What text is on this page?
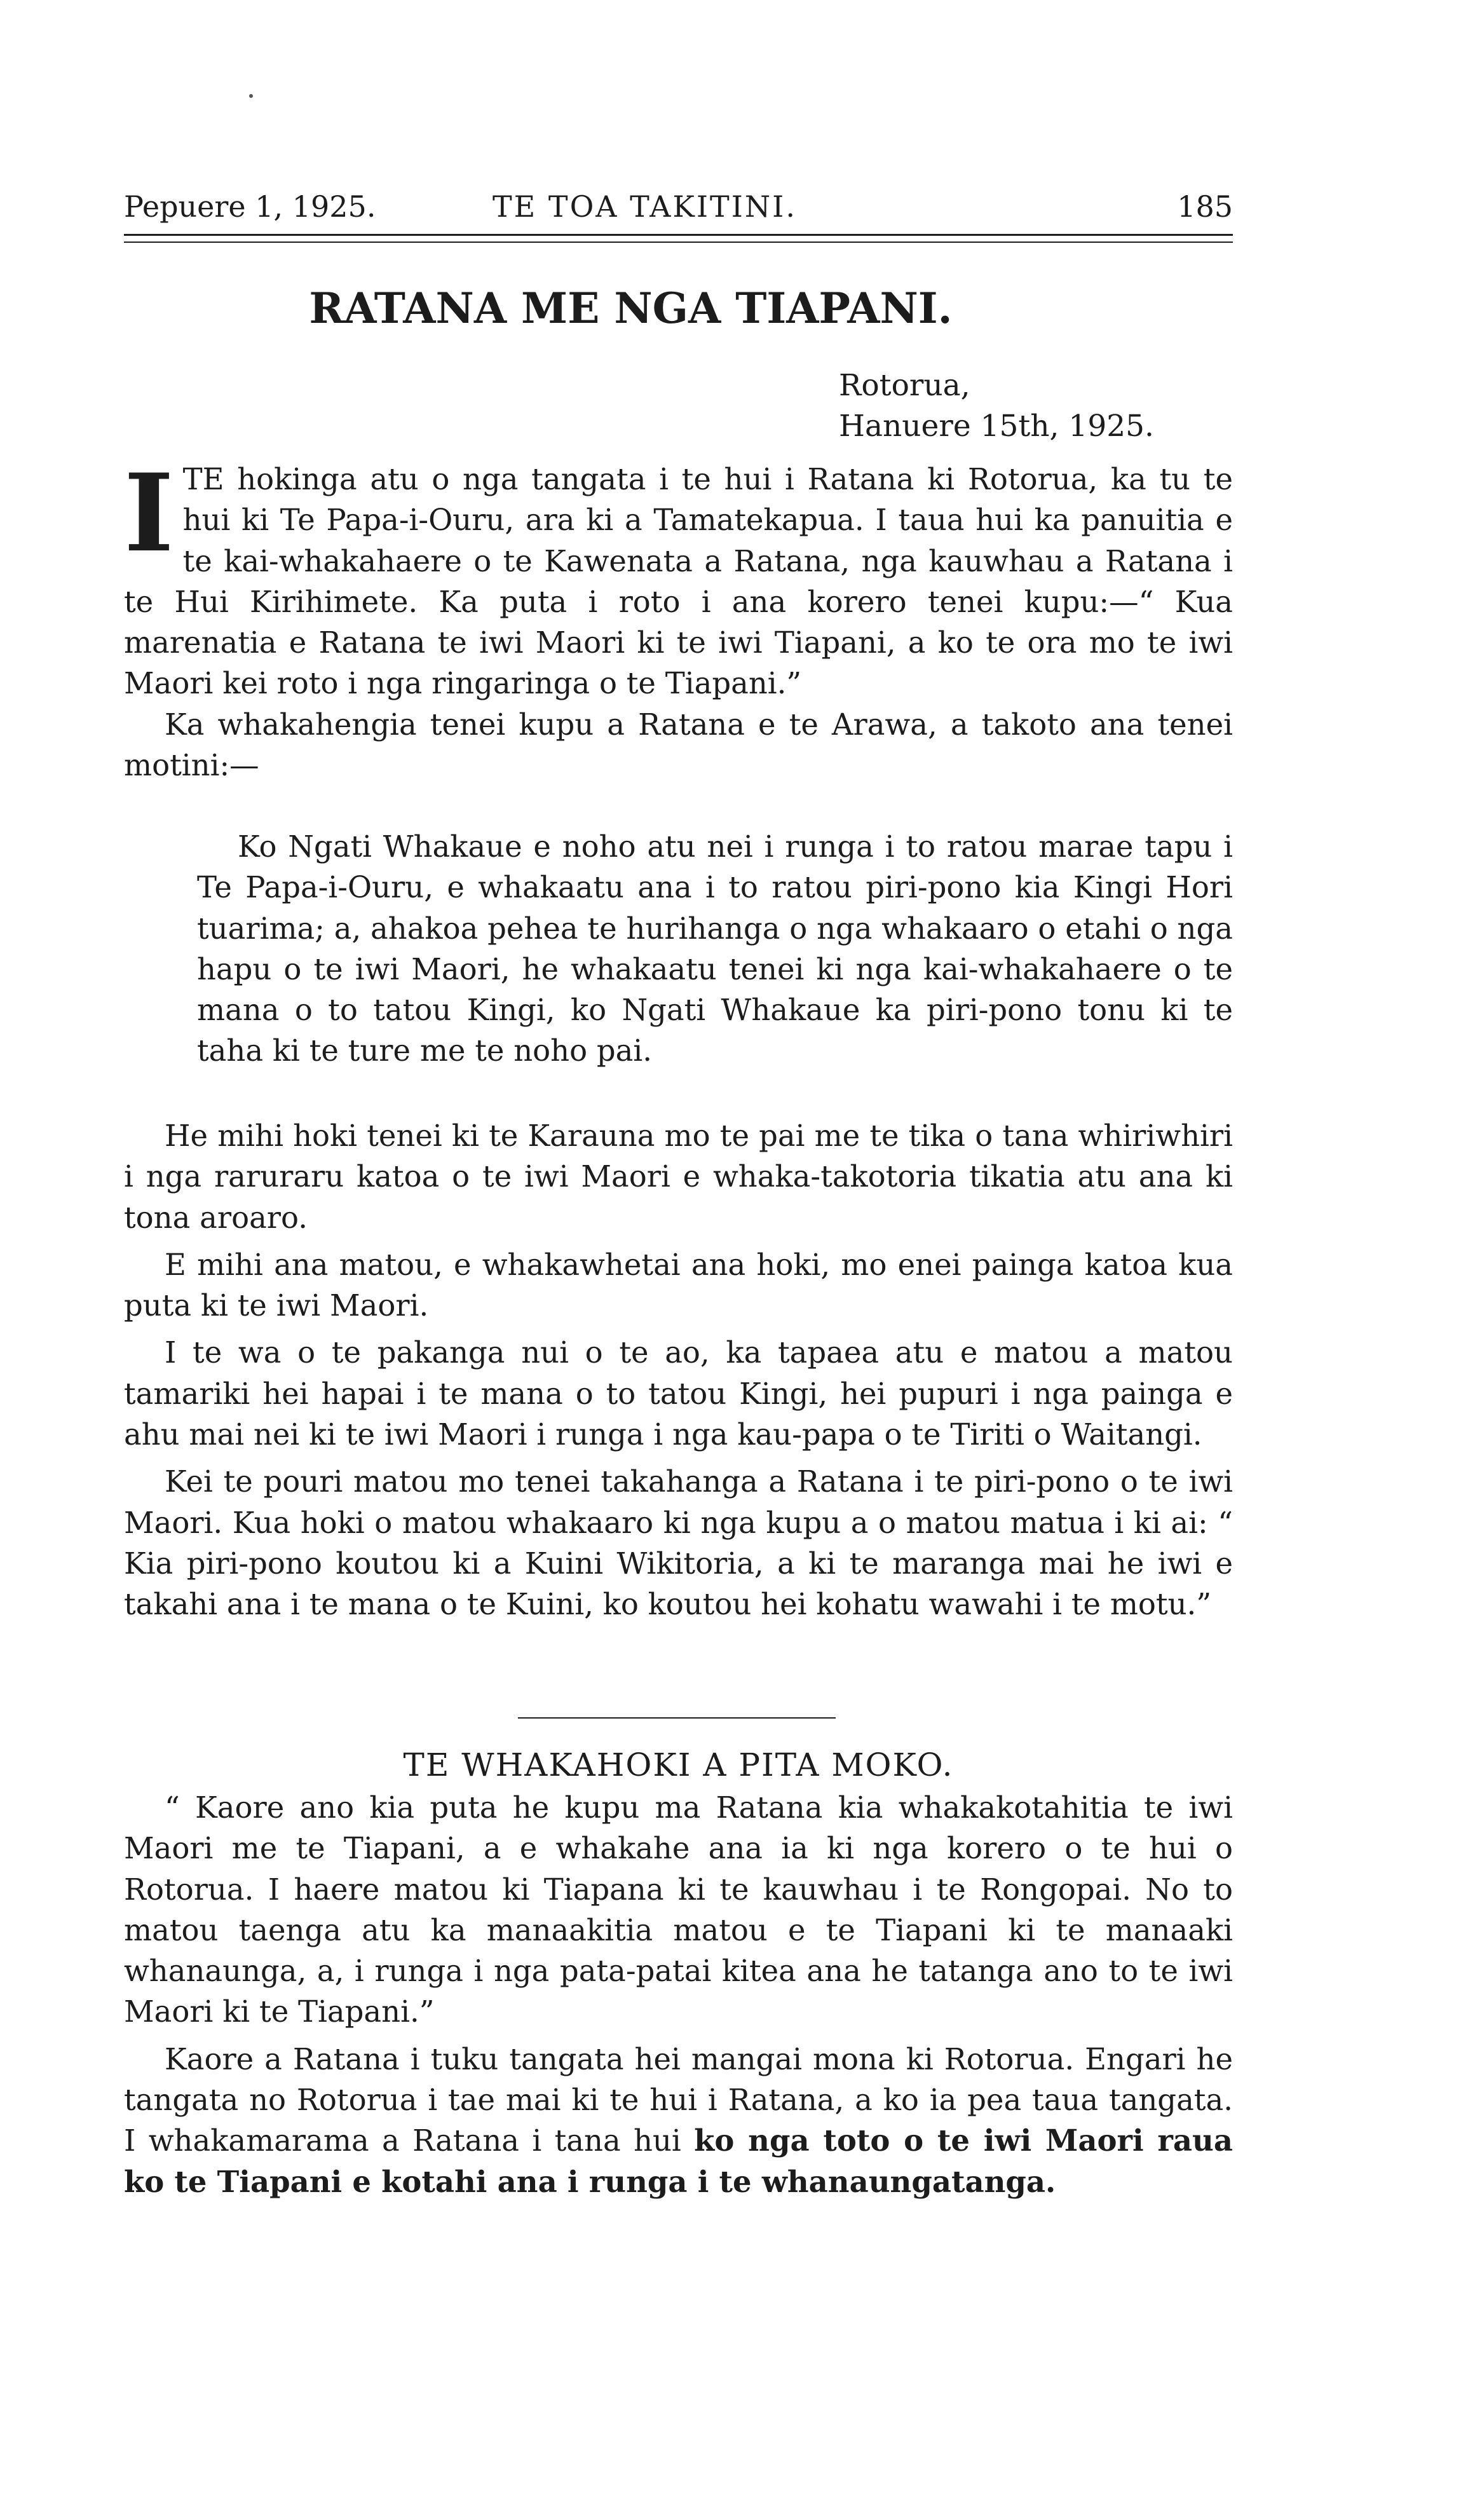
Pepuere 1, 1925.	TE TOA TAKITINI.	185
RATANA ME NGA TIAPANI.
Rotorua,
Hanuere 15th, 1925.

ITE hokinga atu o nga tangata i te hui i Ratana ki Rotorua, ka tu te hui ki Te Papa-i-Ouru, ara ki a Tamatekapua. I taua hui ka panuitia e te kai-whakahaere o te Kawenata a Ratana, nga kauwhau a Ratana i te Hui Kirihimete. Ka puta i roto i ana korero tenei kupu:—“ Kua marenatia e Ratana te iwi Maori ki te iwi Tiapani, a ko te ora mo te iwi Maori kei roto i nga ringaringa o te Tiapani.”

Ka whakahengia tenei kupu a Ratana e te Arawa, a takoto ana tenei motini:—

Ko Ngati Whakaue e noho atu nei i runga i to ratou marae tapu i Te Papa-i-Ouru, e whakaatu ana i to ratou piri-pono kia Kingi Hori tuarima; a, ahakoa pehea te hurihanga o nga whakaaro o etahi o nga hapu o te iwi Maori, he whakaatu tenei ki nga kai-whakahaere o te mana o to tatou Kingi, ko Ngati Whakaue ka piri-pono tonu ki te taha ki te ture me te noho pai.

He mihi hoki tenei ki te Karauna mo te pai me te tika o tana whiriwhiri i nga raruraru katoa o te iwi Maori e whaka-takotoria tikatia atu ana ki tona aroaro.

E mihi ana matou, e whakawhetai ana hoki, mo enei painga katoa kua puta ki te iwi Maori.

I te wa o te pakanga nui o te ao, ka tapaea atu e matou a matou tamariki hei hapai i te mana o to tatou Kingi, hei pupuri i nga painga e ahu mai nei ki te iwi Maori i runga i nga kau-papa o te Tiriti o Waitangi.

Kei te pouri matou mo tenei takahanga a Ratana i te piri-pono o te iwi Maori. Kua hoki o matou whakaaro ki nga kupu a o matou matua i ki ai: “ Kia piri-pono koutou ki a Kuini Wikitoria, a ki te maranga mai he iwi e takahi ana i te mana o te Kuini, ko koutou hei kohatu wawahi i te motu.”

TE WHAKAHOKI A PITA MOKO.

“ Kaore ano kia puta he kupu ma Ratana kia whakakotahitia te iwi Maori me te Tiapani, a e whakahe ana ia ki nga korero o te hui o Rotorua. I haere matou ki Tiapana ki te kauwhau i te Rongopai. No to matou taenga atu ka manaakitia matou e te Tiapani ki te manaaki whanaunga, a, i runga i nga pata-patai kitea ana he tatanga ano to te iwi Maori ki te Tiapani.”

Kaore a Ratana i tuku tangata hei mangai mona ki Rotorua. Engari he tangata no Rotorua i tae mai ki te hui i Ratana, a ko ia pea taua tangata. I whakamarama a Ratana i tana hui ko nga toto o te iwi Maori raua ko te Tiapani e kotahi ana i runga i te whanaungatanga.
